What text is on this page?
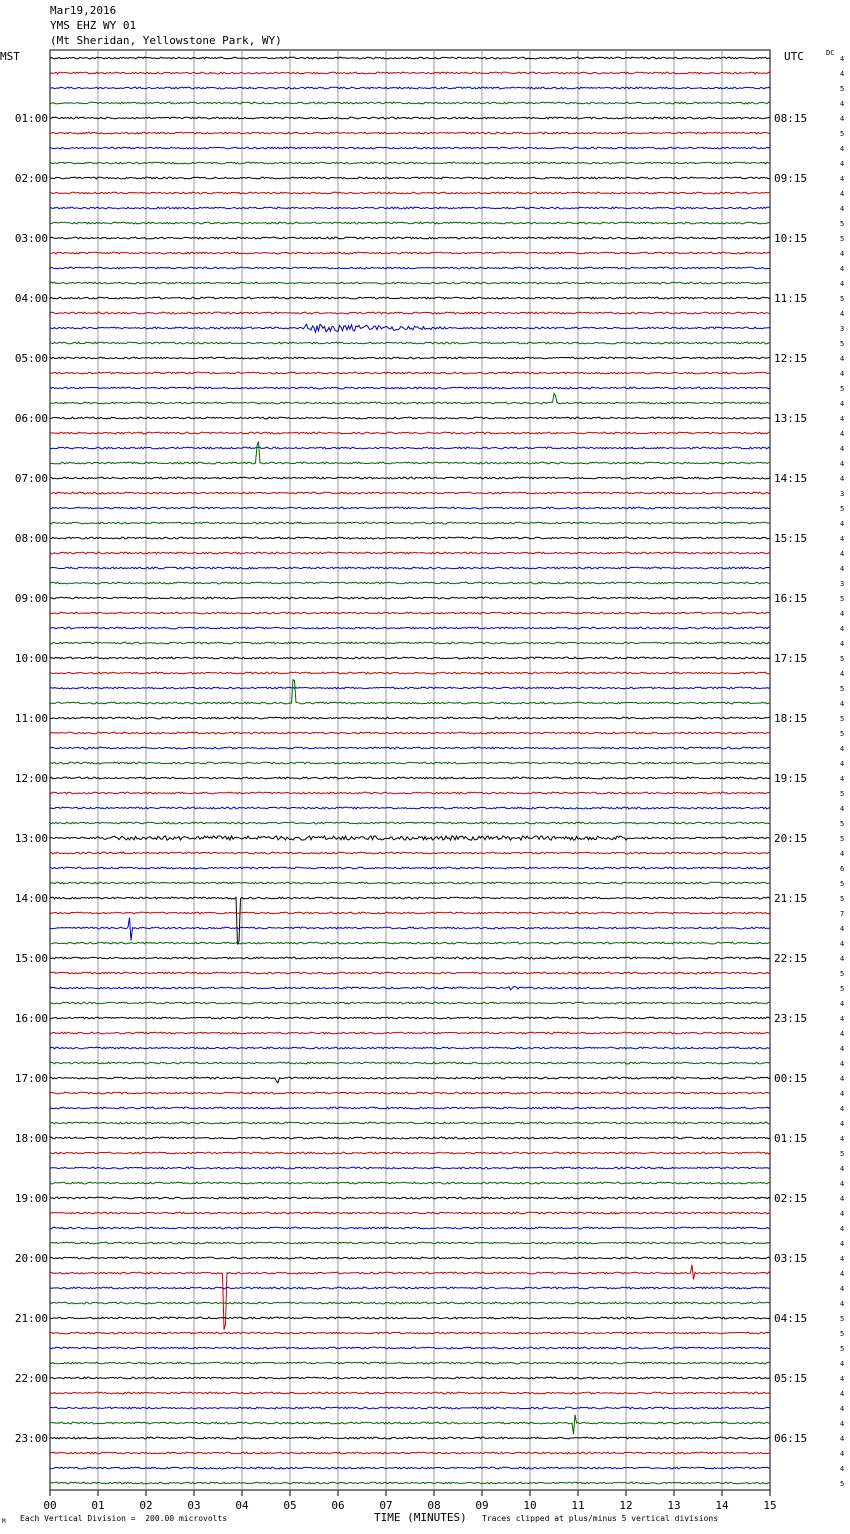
Mar19,2016
YMS EHZ WY 01
(Mt Sheridan, Yellowstone Park, WY)
MST	UTC	DC
00	01	02	03	04	05	06	07	08	09	10	11	12	13	14	15
4
4
5
4
4
01:00	08:15
5
4
4
4
02:00	09:15
4
4
5
5
03:00	10:15
4
4
4
5
04:00	11:15
4
3
5
4
05:00	12:15
4
5
4
4
06:00	13:15
4
4
4
4
07:00	14:15
3
5
4
4
08:00	15:15
4
4
3
5
09:00	16:15
4
4
4
5
10:00	17:15
4
5
4
5
11:00	18:15
5
4
4
4
12:00	19:15
5
4
5
5
13:00	20:15
4
6
5
5
14:00	21:15
7
4
4
4
15:00	22:15
5
5
4
4
16:00	23:15
4
4
4
4
17:00	00:15
4
4
4
4
18:00	01:15
5
4
4
4
19:00	02:15
4
4
4
4
20:00	03:15
4
4
4
5
21:00	04:15
5
5
4
4
22:00	05:15
4
4
4
4
23:00	06:15
4
4
5
M Each Vertical Division =  200.00 microvolts	TIME (MINUTES) Traces clipped at plus/minus 5 vertical divisions
